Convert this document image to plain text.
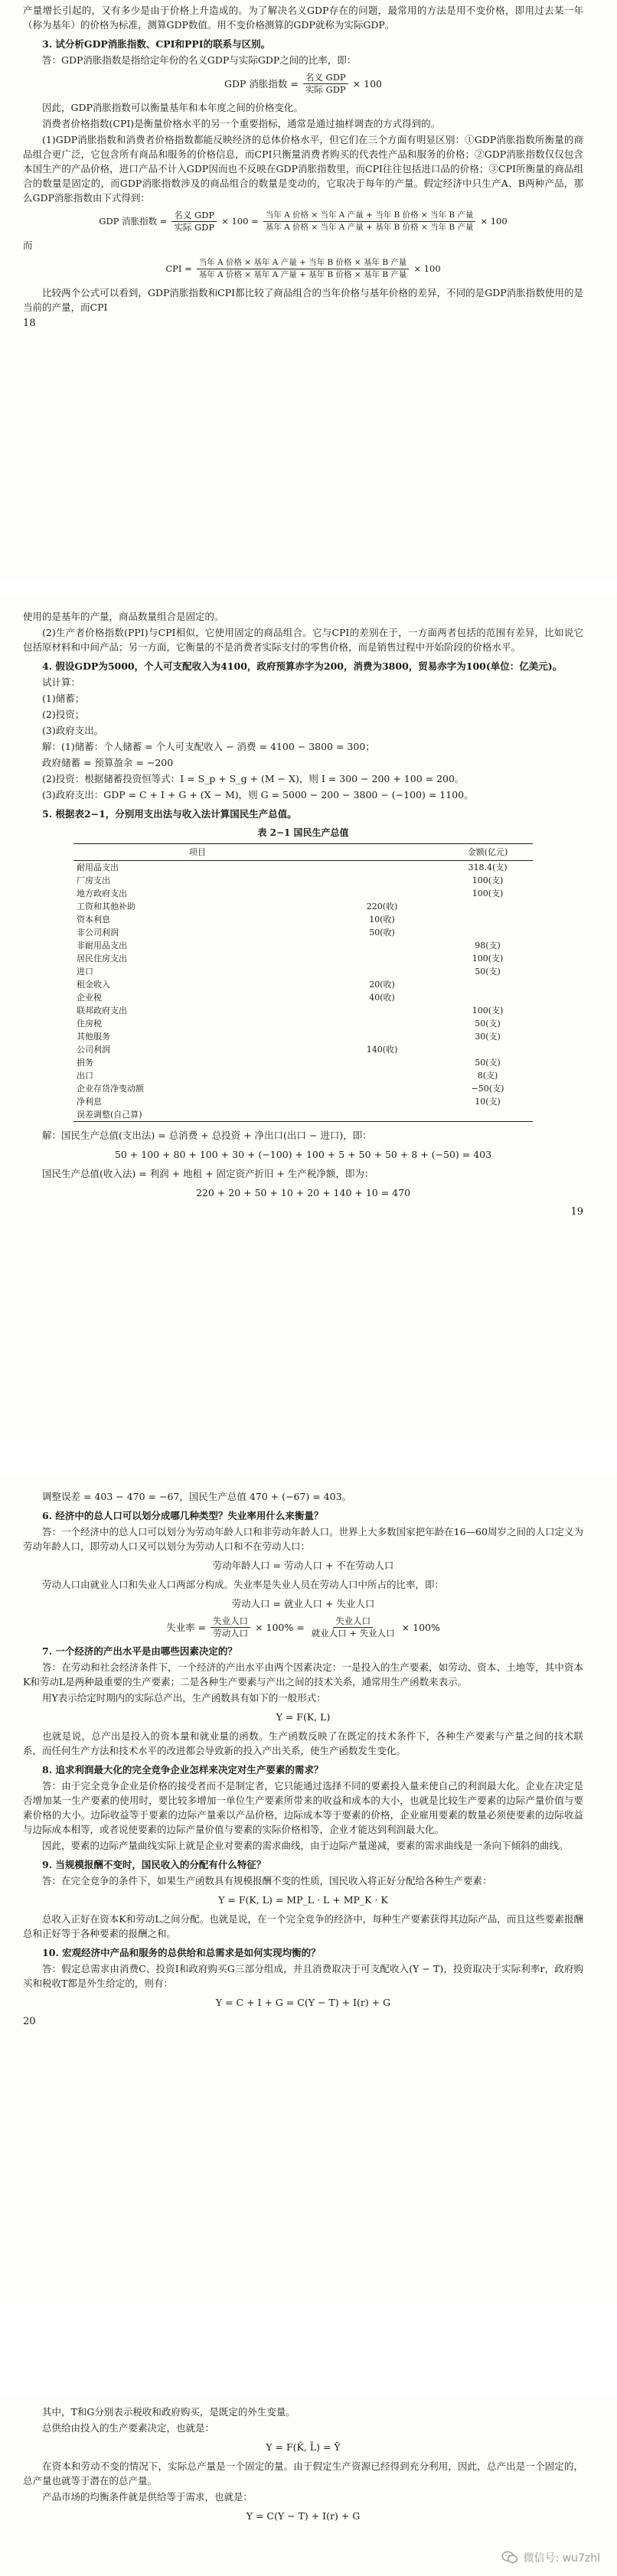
产量增长引起的，又有多少是由于价格上升造成的。为了解决名义GDP存在的问题，最常用的方法是用不变价格，即用过去某一年（称为基年）的价格为标准，测算GDP数值。用不变价格测算的GDP就称为实际GDP。

3. 试分析GDP消胀指数、CPI和PPI的联系与区别。

答：GDP消胀指数是指给定年份的名义GDP与实际GDP之间的比率，即：

GDP 消胀指数 = $\frac{\text{名义 GDP}}{\text{实际 GDP}} \times 100$

因此，GDP消胀指数可以衡量基年和本年度之间的价格变化。

消费者价格指数(CPI)是衡量价格水平的另一个重要指标，通常是通过抽样调查的方式得到的。

(1)GDP消胀指数和消费者价格指数都能反映经济的总体价格水平，但它们在三个方面有明显区别：①GDP消胀指数所衡量的商品组合更广泛，它包含所有商品和服务的价格信息，而CPI只衡量消费者购买的代表性产品和服务的价格；②GDP消胀指数仅仅包含本国生产的产品价格，进口产品不计入GDP因而也不反映在GDP消胀指数里，而CPI往往包括进口品的价格；③CPI所衡量的商品组合的数量是固定的，而GDP消胀指数涉及的商品组合的数量是变动的，它取决于每年的产量。假定经济中只生产A、B两种产品，那么GDP消胀指数由下式得到：

GDP 消胀指数 = $\frac{\text{名义 GDP}}{\text{实际 GDP}} \times 100 = \frac{\text{当年 A 价格 × 当年 A 产量 + 当年 B 价格 × 当年 B 产量}}{\text{基年 A 价格 × 当年 A 产量 + 基年 B 价格 × 当年 B 产量}} \times 100$

而

CPI = $\frac{\text{当年 A 价格 × 基年 A 产量 + 当年 B 价格 × 基年 B 产量}}{\text{基年 A 价格 × 基年 A 产量 + 基年 B 价格 × 基年 B 产量}} \times 100$

比较两个公式可以看到，GDP消胀指数和CPI都比较了商品组合的当年价格与基年价格的差异，不同的是GDP消胀指数使用的是当前的产量，而CPI

18

使用的是基年的产量，商品数量组合是固定的。

(2)生产者价格指数(PPI)与CPI相似，它使用固定的商品组合。它与CPI的差别在于，一方面两者包括的范围有差异，比如说它包括原材料和中间产品；另一方面，它衡量的不是消费者实际支付的零售价格，而是销售过程中开始阶段的价格水平。

4. 假设GDP为5000，个人可支配收入为4100，政府预算赤字为200，消费为3800，贸易赤字为100(单位：亿美元)。

试计算：

(1)储蓄；

(2)投资；

(3)政府支出。

解：(1)储蓄：个人储蓄 = 个人可支配收入 − 消费 = 4100 − 3800 = 300；

政府储蓄 = 预算盈余 = −200

(2)投资：根据储蓄投资恒等式：I = S_p + S_g + (M − X)，则 I = 300 − 200 + 100 = 200。

(3)政府支出：GDP = C + I + G + (X − M)，则 G = 5000 − 200 − 3800 − (−100) = 1100。

5. 根据表2−1，分别用支出法与收入法计算国民生产总值。

表 2−1 国民生产总值
项目		金额(亿元)
耐用品支出		318.4(支)
厂房支出		100(支)
地方政府支出		100(支)
工资和其他补助	220(收)	
资本利息	10(收)	
非公司利润	50(收)	
非耐用品支出		98(支)
居民住房支出		100(支)
进口		50(支)
租金收入	20(收)	
企业税	40(收)	
联邦政府支出		100(支)
住房税		50(支)
其他服务		30(支)
公司利润	140(收)	
捐务		50(支)
出口		8(支)
企业存货净变动额		−50(支)
净利息		10(支)
误差调整(自己算)		

解：国民生产总值(支出法) = 总消费 + 总投资 + 净出口(出口 − 进口)，即：

50 + 100 + 80 + 100 + 30 + (−100) + 100 + 5 + 50 + 50 + 8 + (−50) = 403

国民生产总值(收入法) = 利润 + 地租 + 固定资产折旧 + 生产税净额，即为：

220 + 20 + 50 + 10 + 20 + 140 + 10 = 470

19

调整误差 = 403 − 470 = −67，国民生产总值 470 + (−67) = 403。

6. 经济中的总人口可以划分成哪几种类型？失业率用什么来衡量？

答：一个经济中的总人口可以划分为劳动年龄人口和非劳动年龄人口。世界上大多数国家把年龄在16—60周岁之间的人口定义为劳动年龄人口，即劳动人口又可以划分为劳动人口和不在劳动人口：

劳动年龄人口 = 劳动人口 + 不在劳动人口

劳动人口由就业人口和失业人口两部分构成。失业率是失业人员在劳动人口中所占的比率，即：

劳动人口 = 就业人口 + 失业人口
失业率 = $\frac{\text{失业人口}}{\text{劳动人口}} \times 100\% = \frac{\text{失业人口}}{\text{就业人口 + 失业人口}} \times 100\%$

7. 一个经济的产出水平是由哪些因素决定的？

答：在劳动和社会经济条件下，一个经济的产出水平由两个因素决定：一是投入的生产要素，如劳动、资本、土地等，其中资本K和劳动L是两种最重要的生产要素；二是各种生产要素与产出之间的技术关系，通常用生产函数来表示。

用Y表示给定时期内的实际总产出，生产函数具有如下的一般形式：

Y = F(K, L)

也就是说，总产出是投入的资本量和就业量的函数。生产函数反映了在既定的技术条件下，各种生产要素与产量之间的技术联系，而任何生产方法和技术水平的改进都会导致新的投入产出关系，使生产函数发生变化。

8. 追求利润最大化的完全竞争企业怎样来决定对生产要素的需求？

答：由于完全竞争企业是价格的接受者而不是制定者，它只能通过选择不同的要素投入量来使自己的利润最大化。企业在决定是否增加某一生产要素的使用时，要比较多增加一单位生产要素所带来的收益和成本的大小，也就是比较生产要素的边际产量价值与要素价格的大小。边际收益等于要素的边际产量乘以产品价格，边际成本等于要素的价格，企业雇用要素的数量必须使要素的边际收益与边际成本相等，或者说使要素的边际产量价值与要素的实际价格相等，企业才能达到利润最大化。

因此，要素的边际产量曲线实际上就是企业对要素的需求曲线，由于边际产量递减，要素的需求曲线是一条向下倾斜的曲线。

9. 当规模报酬不变时，国民收入的分配有什么特征？

答：在完全竞争的条件下，如果生产函数具有规模报酬不变的性质，国民收入将正好分配给各种生产要素：

Y = F(K, L) = MP_L · L + MP_K · K

总收入正好在资本K和劳动L之间分配。也就是说，在一个完全竞争的经济中，每种生产要素获得其边际产品，而且这些要素报酬总和正好等于各种要素的报酬之和。

10. 宏观经济中产品和服务的总供给和总需求是如何实现均衡的？

答：假定总需求由消费C、投资I和政府购买G三部分组成，并且消费取决于可支配收入(Y − T)，投资取决于实际利率r，政府购买和税收T都是外生给定的，则有：

Y = C + I + G = C(Y − T) + I(r) + G

20

其中，T和G分别表示税收和政府购买，是既定的外生变量。

总供给由投入的生产要素决定，也就是：

Y = F(K̄, L̄) = Ȳ

在资本和劳动不变的情况下，实际总产量是一个固定的量。由于假定生产资源已经得到充分利用，因此，总产出是一个固定的，总产量也就等于潜在的总产量。

产品市场的均衡条件就是供给等于需求，也就是：

Y = C(Y − T) + I(r) + G
微信号: wu7zhl
